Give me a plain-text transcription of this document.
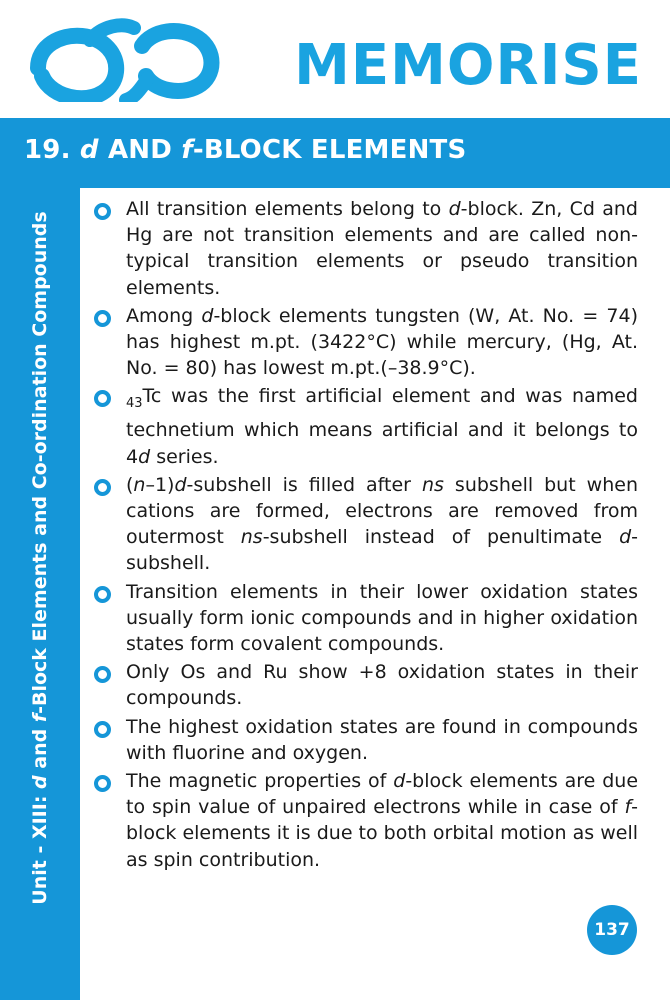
MEMORISE
19. d AND f-BLOCK ELEMENTS
Unit - XIII:
d
and
f
-Block Elements and Co-ordination Compounds
All transition elements belong to d-block. Zn, Cd and Hg are not transition elements and are called non-typical transition elements or pseudo transition elements.
Among d-block elements tungsten (W, At. No. = 74) has highest m.pt. (3422°C) while mercury, (Hg, At. No. = 80) has lowest m.pt.(–38.9°C).
$_{43}$Tc was the first artificial element and was named technetium which means artificial and it belongs to 4d series.
(n–1)d-subshell is filled after ns subshell but when cations are formed, electrons are removed from outermost ns-subshell instead of penultimate d-subshell.
Transition elements in their lower oxidation states usually form ionic compounds and in higher oxidation states form covalent compounds.
Only Os and Ru show +8 oxidation states in their compounds.
The highest oxidation states are found in compounds with fluorine and oxygen.
The magnetic properties of d-block elements are due to spin value of unpaired electrons while in case of f-block elements it is due to both orbital motion as well as spin contribution.
137
